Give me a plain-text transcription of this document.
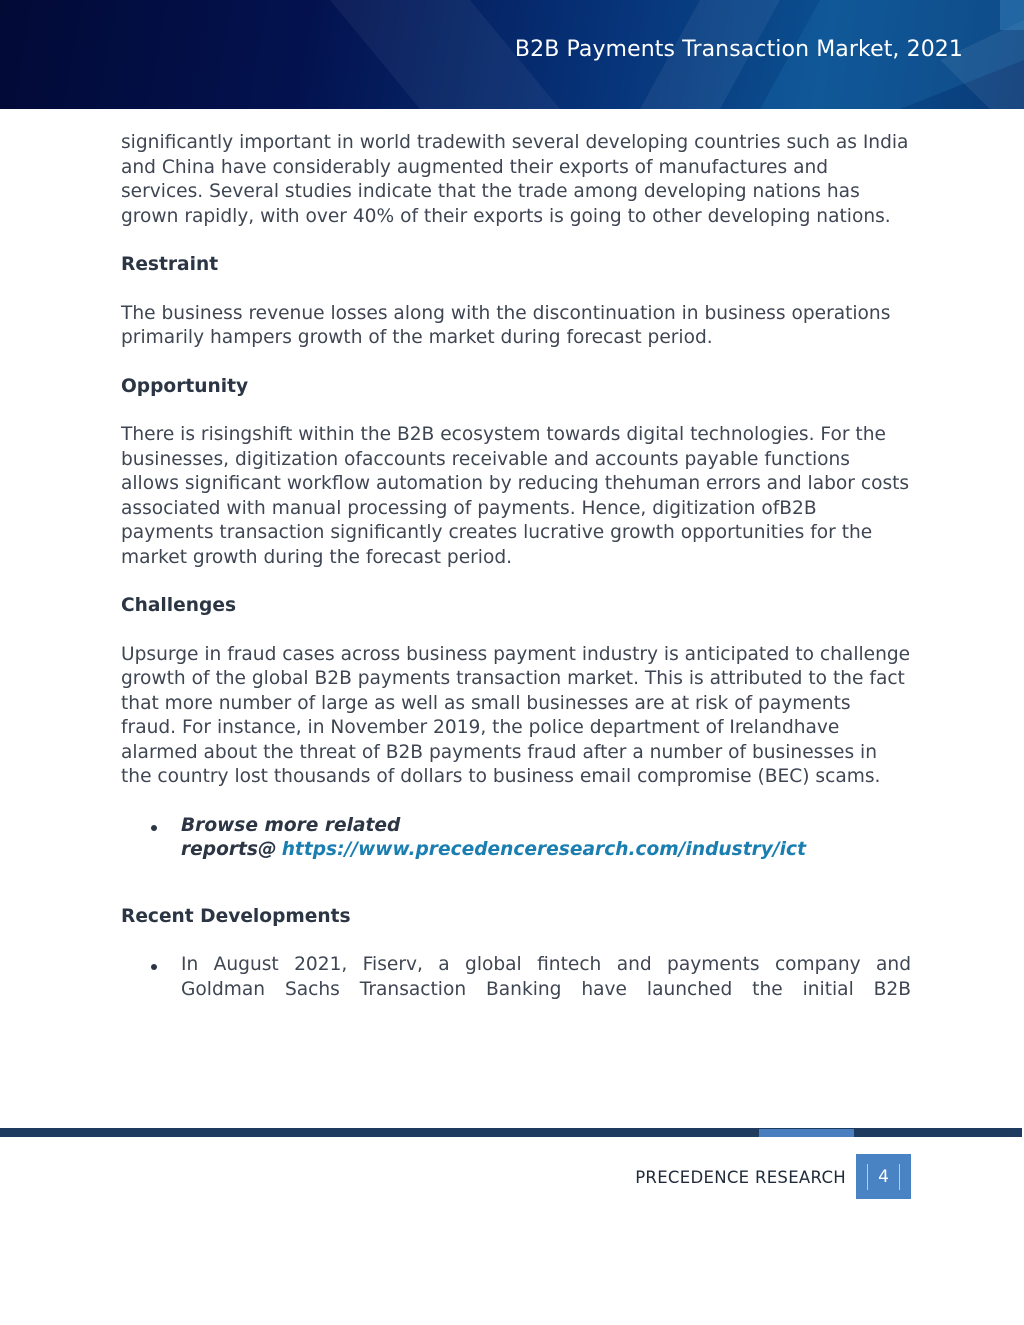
B2B Payments Transaction Market, 2021

significantly important in world tradewith several developing countries such as India and China have considerably augmented their exports of manufactures and services. Several studies indicate that the trade among developing nations has grown rapidly, with over 40% of their exports is going to other developing nations.

Restraint

The business revenue losses along with the discontinuation in business operations primarily hampers growth of the market during forecast period.

Opportunity

There is risingshift within the B2B ecosystem towards digital technologies. For the businesses, digitization ofaccounts receivable and accounts payable functions allows significant workflow automation by reducing thehuman errors and labor costs associated with manual processing of payments. Hence, digitization ofB2B payments transaction significantly creates lucrative growth opportunities for the market growth during the forecast period.

Challenges

Upsurge in fraud cases across business payment industry is anticipated to challenge growth of the global B2B payments transaction market. This is attributed to the fact that more number of large as well as small businesses are at risk of payments fraud. For instance, in November 2019, the police department of Irelandhave alarmed about the threat of B2B payments fraud after a number of businesses in the country lost thousands of dollars to business email compromise (BEC) scams.

Browse more related
reports@ https://www.precedenceresearch.com/industry/ict
Recent Developments

In August 2021, Fiserv, a global fintech and payments company and

Goldman Sachs Transaction Banking have launched the initial B2B

PRECEDENCE RESEARCH	4
